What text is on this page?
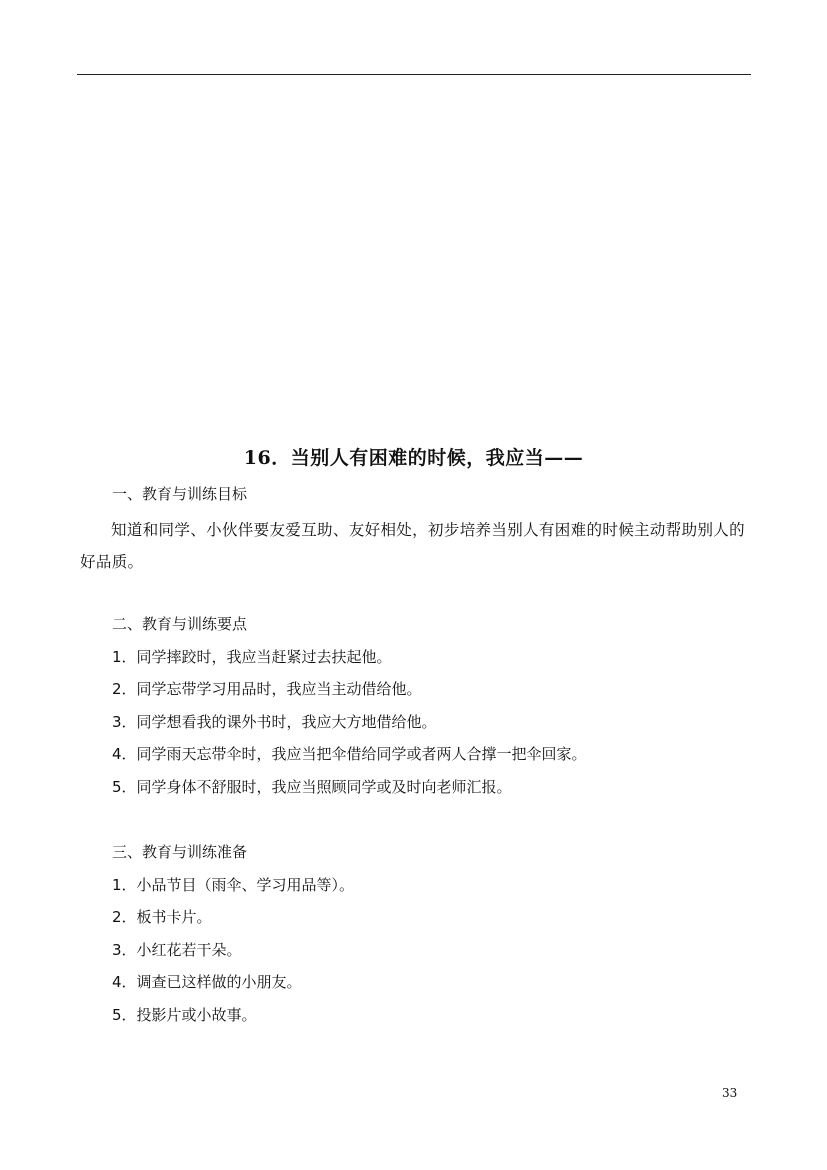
16．当别人有困难的时候，我应当——
一、教育与训练目标
知道和同学、小伙伴要友爱互助、友好相处，初步培养当别人有困难的时候主动帮助别人的好品质。
二、教育与训练要点
1．同学摔跤时，我应当赶紧过去扶起他。
2．同学忘带学习用品时，我应当主动借给他。
3．同学想看我的课外书时，我应大方地借给他。
4．同学雨天忘带伞时，我应当把伞借给同学或者两人合撑一把伞回家。
5．同学身体不舒服时，我应当照顾同学或及时向老师汇报。
三、教育与训练准备
1．小品节目（雨伞、学习用品等）。
2．板书卡片。
3．小红花若干朵。
4．调查已这样做的小朋友。
5．投影片或小故事。
33
